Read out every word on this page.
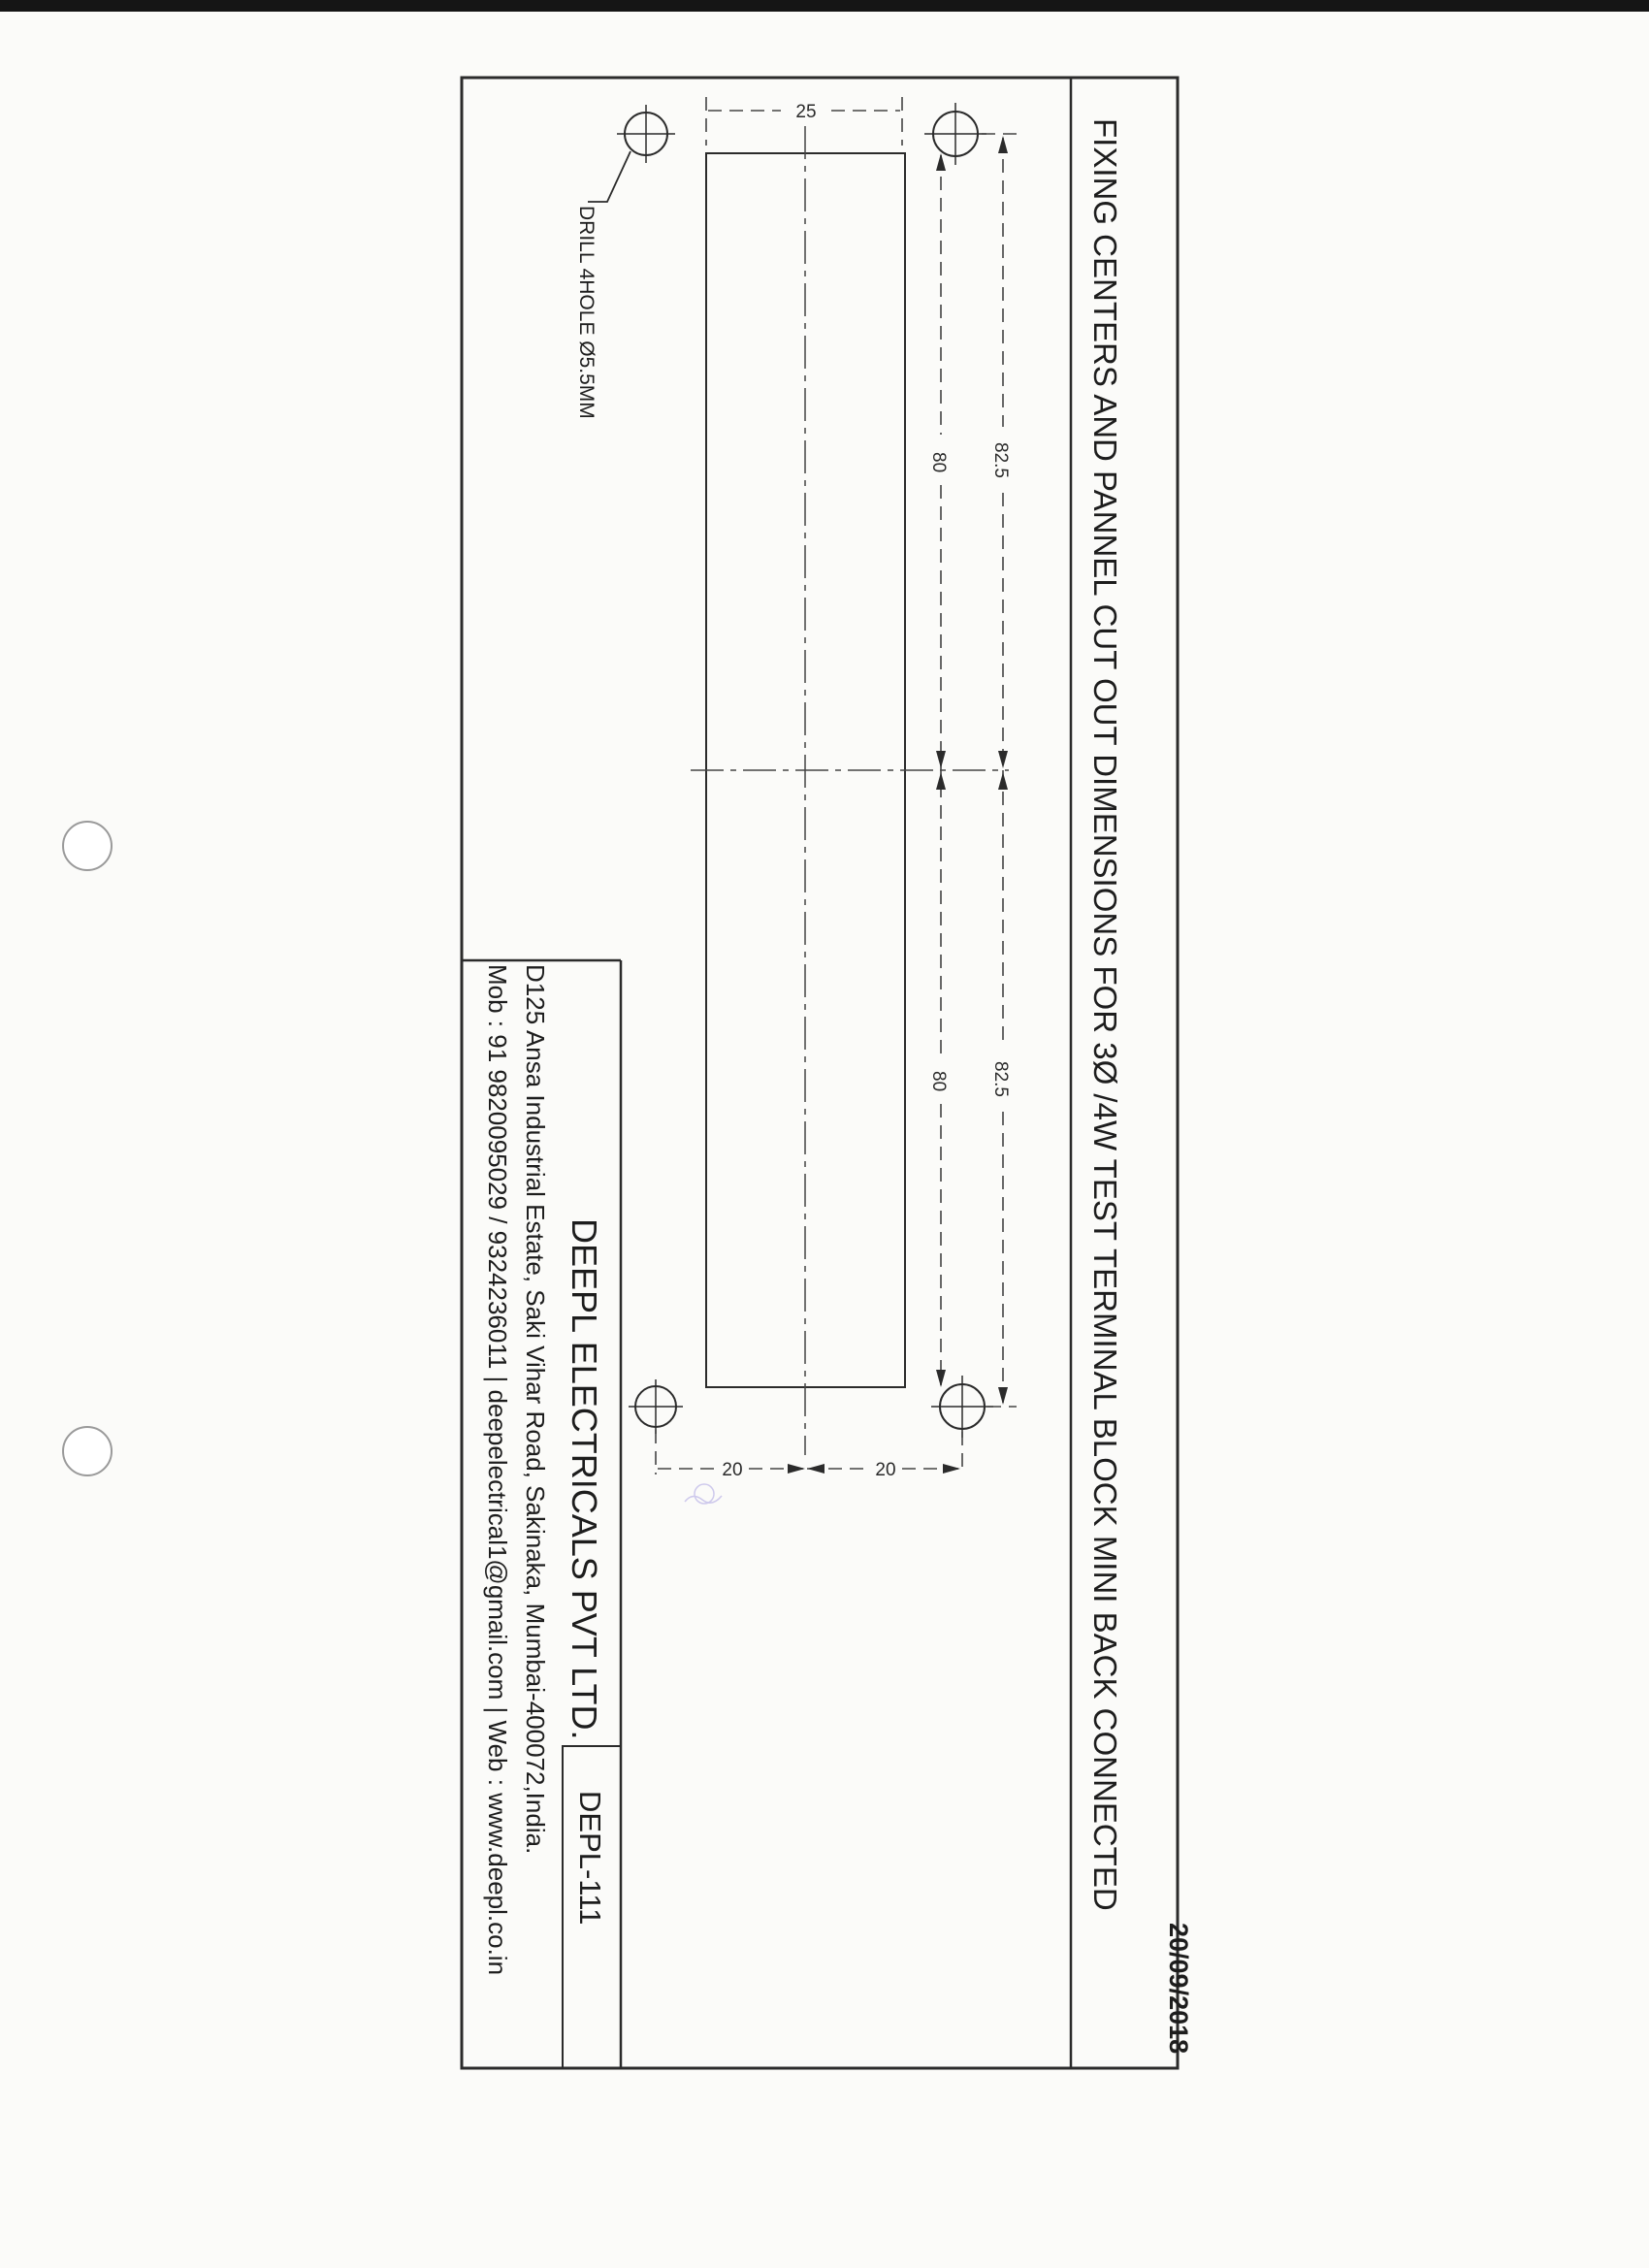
FIXING CENTERS AND PANNEL CUT OUT DIMENSIONS FOR 3Ø /4W TEST TERMINAL BLOCK MINI BACK CONNECTED
20/09/2018
DEPL-111
DEEPL ELECTRICALS PVT LTD.
D125 Ansa Industrial Estate, Saki Vihar Road, Sakinaka, Mumbai-400072,India.
Mob : 91 9820095029 / 9324236011 | deepelectrical1@gmail.com | Web : www.deepl.co.in
DRILL 4HOLE Ø5.5MM
25
82.5
82.5
80
80
20	20
